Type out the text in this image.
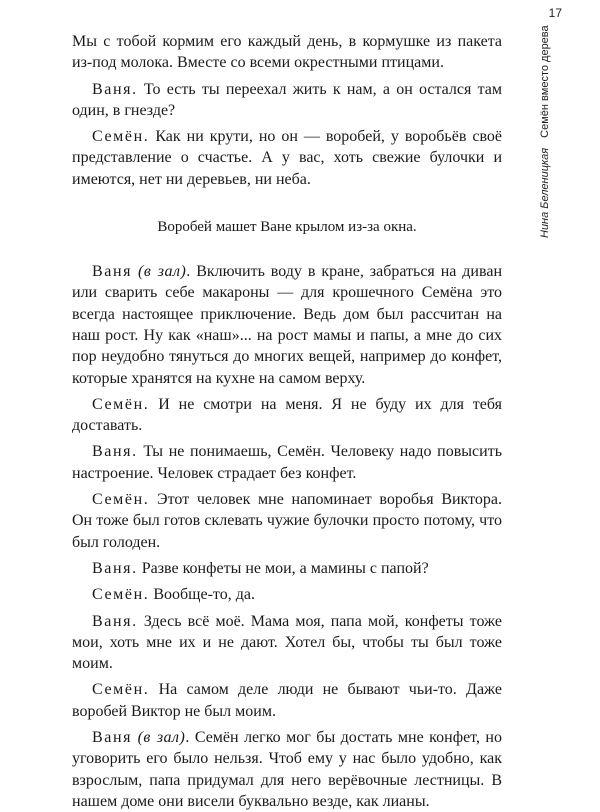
17
Нина БеленицкаяСемён вместо дерева

Мы с тобой кормим его каждый день, в кормушке из пакета из-под молока. Вместе со всеми окрестными птицами.

Ваня. То есть ты переехал жить к нам, а он остался там один, в гнезде?

Семён. Как ни крути, но он — воробей, у воробьёв своё представление о счастье. А у вас, хоть свежие булочки и имеются, нет ни деревьев, ни неба.

Воробей машет Ване крылом из-за окна.

Ваня (в зал). Включить воду в кране, забраться на диван или сварить себе макароны — для крошечного Семёна это всегда настоящее приключение. Ведь дом был рассчитан на наш рост. Ну как «наш»... на рост мамы и папы, а мне до сих пор неудобно тянуться до многих вещей, например до конфет, которые хранятся на кухне на самом верху.

Семён. И не смотри на меня. Я не буду их для тебя доставать.

Ваня. Ты не понимаешь, Семён. Человеку надо повысить настроение. Человек страдает без конфет.

Семён. Этот человек мне напоминает воробья Виктора. Он тоже был готов склевать чужие булочки просто потому, что был голоден.

Ваня. Разве конфеты не мои, а мамины с папой?

Семён. Вообще-то, да.

Ваня. Здесь всё моё. Мама моя, папа мой, конфеты тоже мои, хоть мне их и не дают. Хотел бы, чтобы ты был тоже моим.

Семён. На самом деле люди не бывают чьи-то. Даже воробей Виктор не был моим.

Ваня (в зал). Семён легко мог бы достать мне конфет, но уговорить его было нельзя. Чтоб ему у нас было удобно, как взрослым, папа придумал для него верёвочные лестницы. В нашем доме они висели буквально везде, как лианы.
